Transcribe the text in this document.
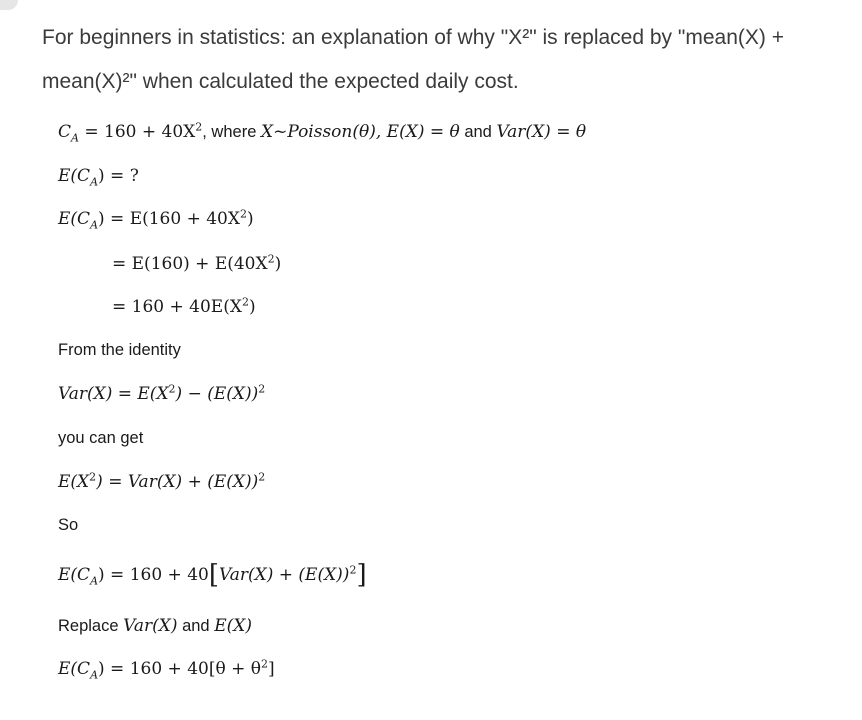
For beginners in statistics: an explanation of why "X²" is replaced by "mean(X) +
mean(X)²" when calculated the expected daily cost.
$C_A = 160 + 40X^2$, where X~Poisson(θ), E(X) = θ and Var(X) = θ
$E(C_A)$ = ?
$E(C_A) = E(160 + 40X^2)$
= $E(160) + E(40X^2)$
= $160 + 40E(X^2)$
From the identity
$Var(X) = E(X^2) - (E(X))^2$
you can get
$E(X^2) = Var(X) + (E(X))^2$
So
$E(C_A) = 160 + 40[Var(X) + (E(X))^2]$
Replace Var(X) and E(X)
$E(C_A) = 160 + 40[\theta + \theta^2]$
